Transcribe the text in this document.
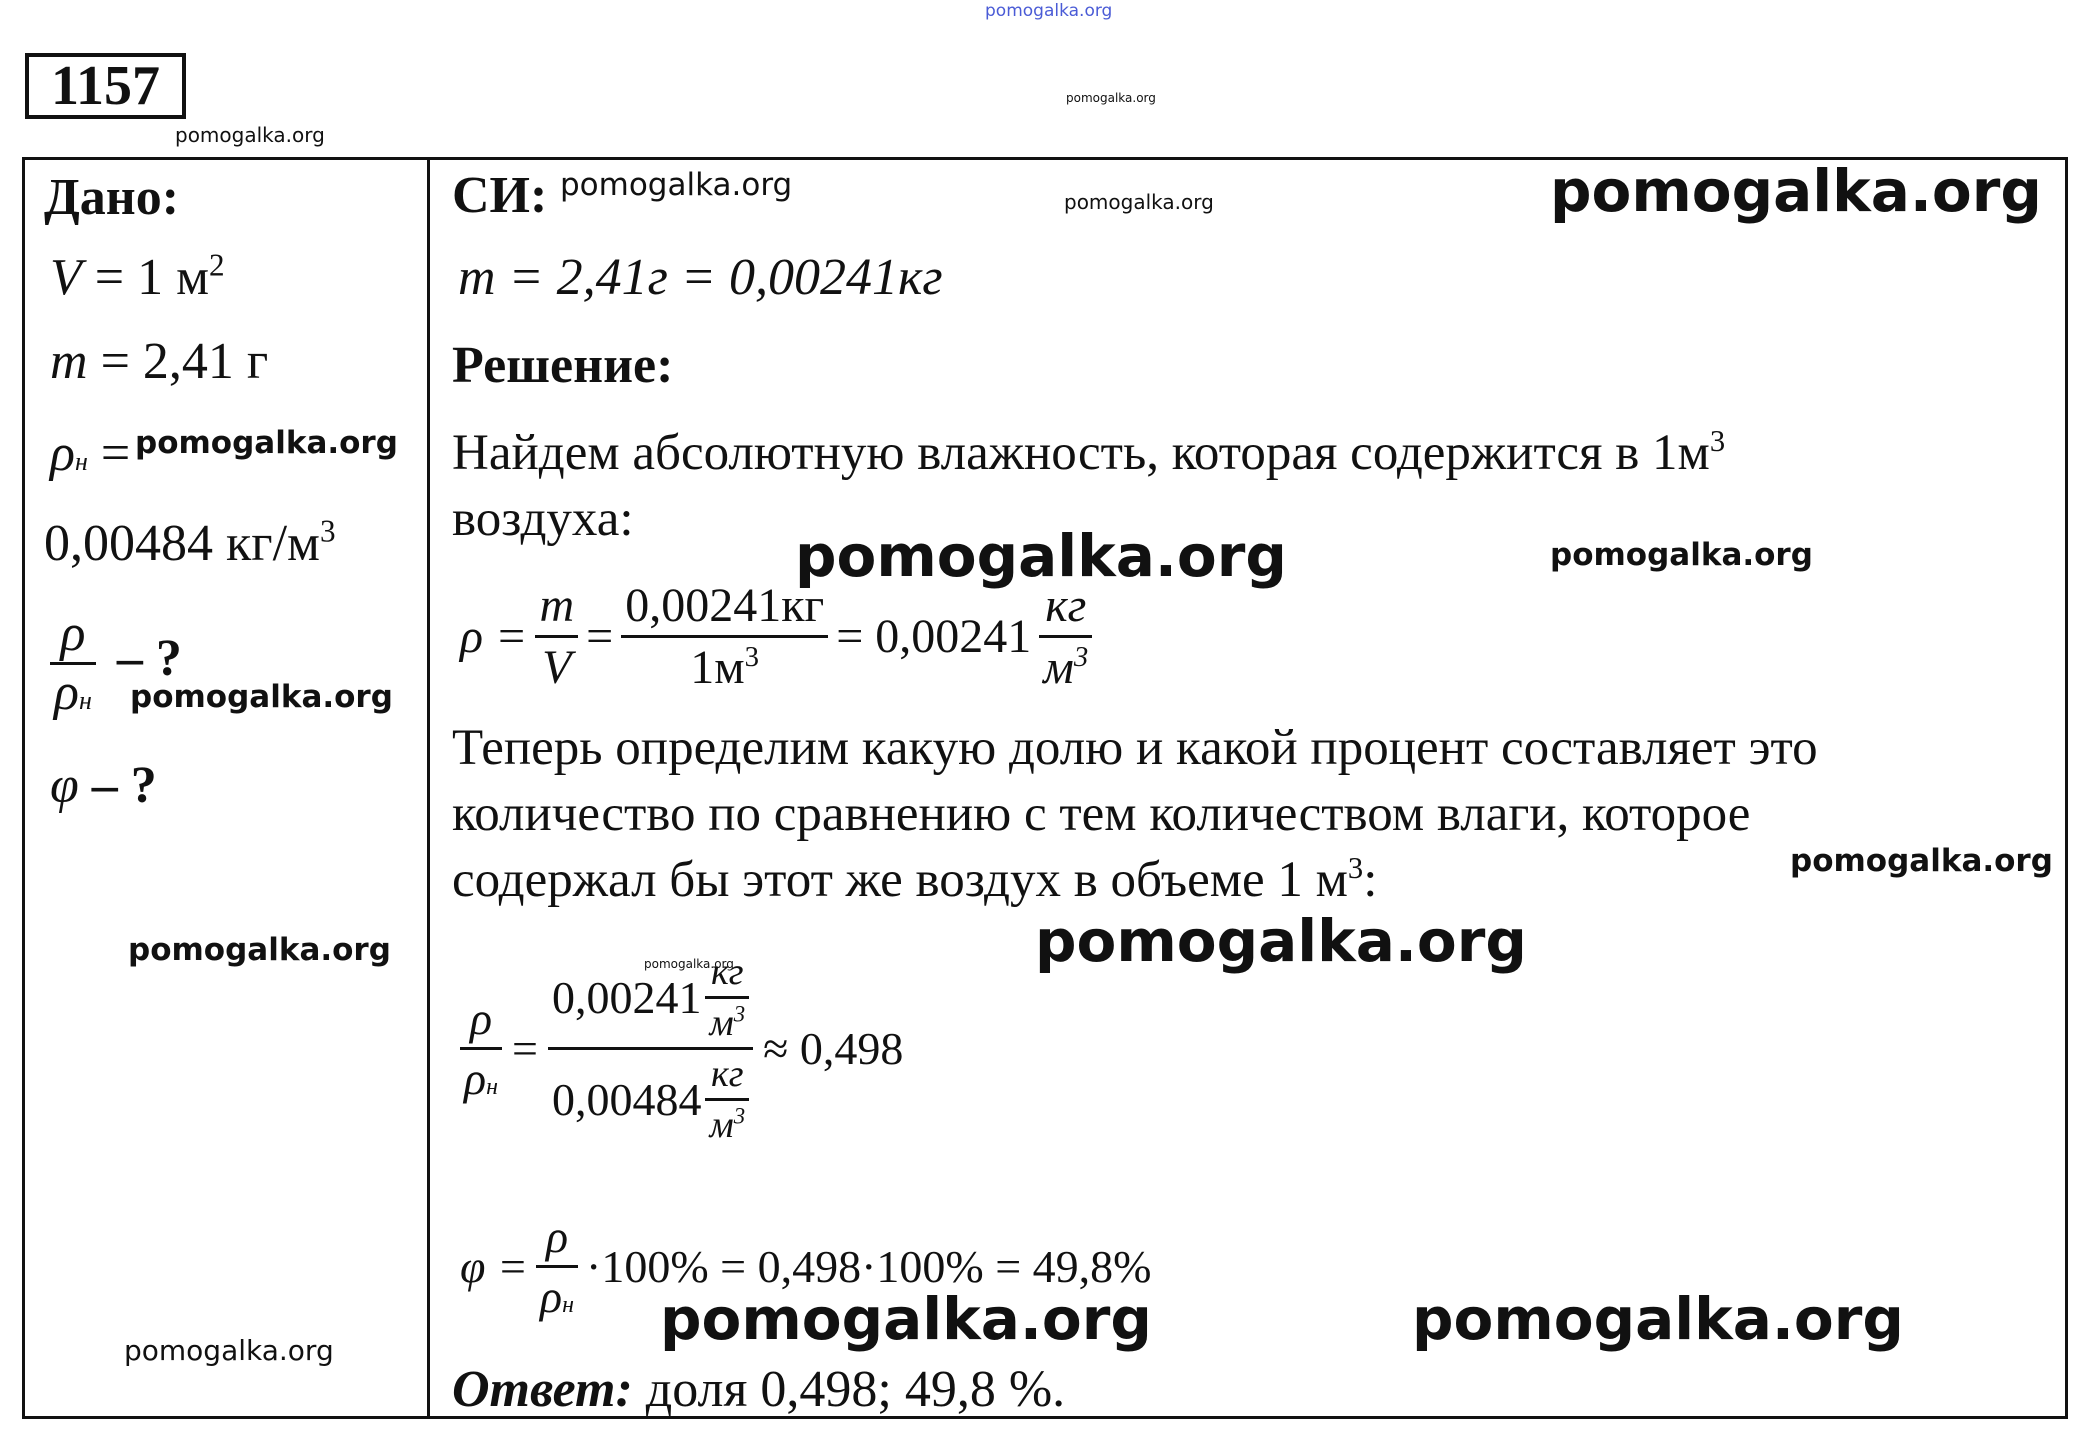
pomogalka.org
pomogalka.org
pomogalka.org
1157
Дано:
V = 1 $м^2$
m = 2,41 г
ρн = pomogalka.org
0,00484 $кг/м^3$
$\frac{\rho}{\rho н}$ – ?
pomogalka.org
φ – ?
pomogalka.org
pomogalka.org
СИ: pomogalka.org	pomogalka.org	pomogalka.org
m = 2,41г = 0,00241кг
Решение:
Найдем абсолютную влажность, которая содержится в $1м^3$
воздуха:
pomogalka.org	pomogalka.org
$\rho = \frac{m}{V} = \frac{0,00241кг}{1м^3} = 0,00241 \frac{кг}{м^3}$
Теперь определим какую долю и какой процент составляет это
количество по сравнению с тем количеством влаги, которое
содержал бы этот же воздух в объеме 1 $м^3$:	pomogalka.org
pomogalka.org
pomogalka.org
$\frac{\rho}{\rho н} = \frac{0,00241 \frac{кг}{м^3}}{0,00484 \frac{кг}{м^3}} \approx 0,498$
$\varphi = \frac{\rho}{\rho н} \cdot 100\% = 0,498\cdot 100\% = 49,8\%$
pomogalka.org	pomogalka.org
Ответ: доля 0,498; 49,8 %.
